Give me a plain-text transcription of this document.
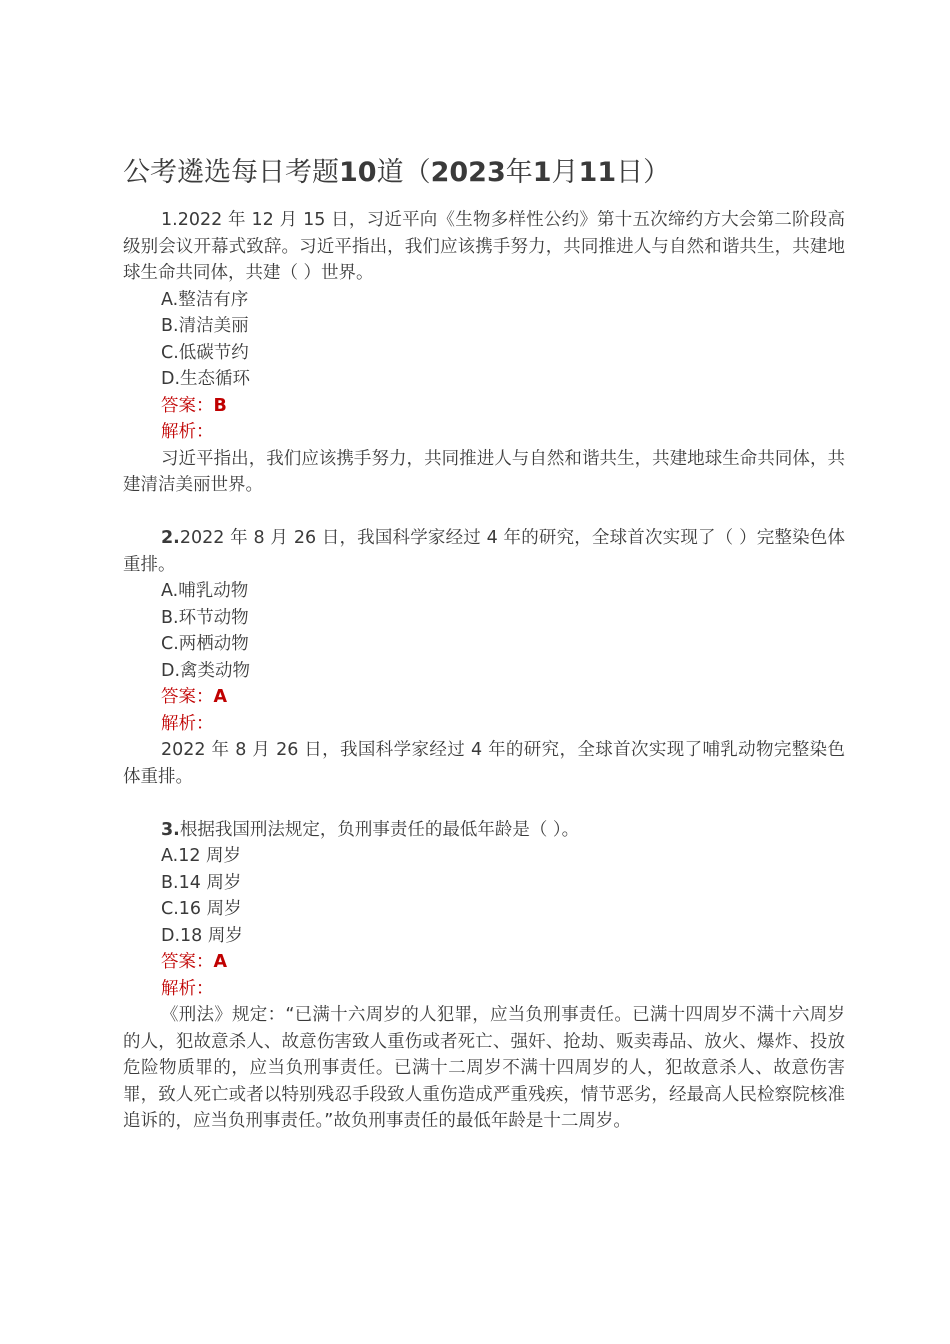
公考遴选每日考题10道（2023年1月11日）

1.2022 年 12 月 15 日，习近平向《生物多样性公约》第十五次缔约方大会第二阶段高级别会议开幕式致辞。习近平指出，我们应该携手努力，共同推进人与自然和谐共生，共建地球生命共同体，共建（ ）世界。

A.整洁有序

B.清洁美丽

C.低碳节约

D.生态循环

答案：B

解析：

习近平指出，我们应该携手努力，共同推进人与自然和谐共生，共建地球生命共同体，共建清洁美丽世界。

2.2022 年 8 月 26 日，我国科学家经过 4 年的研究，全球首次实现了（ ）完整染色体重排。

A.哺乳动物

B.环节动物

C.两栖动物

D.禽类动物

答案：A

解析：

2022 年 8 月 26 日，我国科学家经过 4 年的研究，全球首次实现了哺乳动物完整染色体重排。

3.根据我国刑法规定，负刑事责任的最低年龄是（ ）。

A.12 周岁

B.14 周岁

C.16 周岁

D.18 周岁

答案：A

解析：

《刑法》规定：“已满十六周岁的人犯罪，应当负刑事责任。已满十四周岁不满十六周岁的人，犯故意杀人、故意伤害致人重伤或者死亡、强奸、抢劫、贩卖毒品、放火、爆炸、投放危险物质罪的，应当负刑事责任。已满十二周岁不满十四周岁的人，犯故意杀人、故意伤害罪，致人死亡或者以特别残忍手段致人重伤造成严重残疾，情节恶劣，经最高人民检察院核准追诉的，应当负刑事责任。”故负刑事责任的最低年龄是十二周岁。
